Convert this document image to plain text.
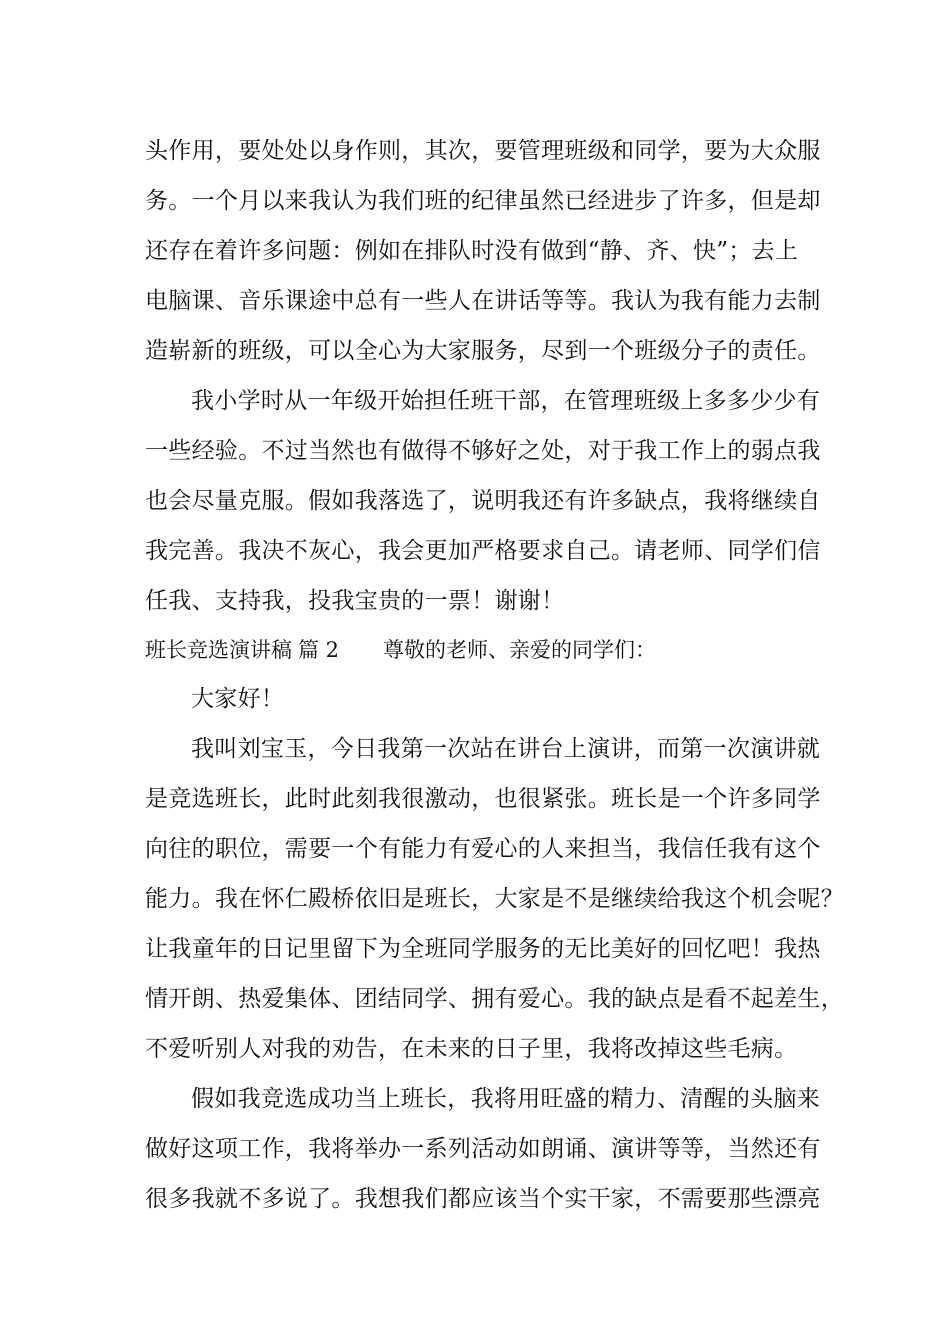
头作用，要处处以身作则，其次，要管理班级和同学，要为大众服
务。一个月以来我认为我们班的纪律虽然已经进步了许多，但是却
还存在着许多问题：例如在排队时没有做到“静、齐、快”；去上
电脑课、音乐课途中总有一些人在讲话等等。我认为我有能力去制
造崭新的班级，可以全心为大家服务，尽到一个班级分子的责任。
我小学时从一年级开始担任班干部，在管理班级上多多少少有
一些经验。不过当然也有做得不够好之处，对于我工作上的弱点我
也会尽量克服。假如我落选了，说明我还有许多缺点，我将继续自
我完善。我决不灰心，我会更加严格要求自己。请老师、同学们信
任我、支持我，投我宝贵的一票！谢谢！
班长竞选演讲稿 篇 2 尊敬的老师、亲爱的同学们：
大家好！
我叫刘宝玉，今日我第一次站在讲台上演讲，而第一次演讲就
是竞选班长，此时此刻我很激动，也很紧张。班长是一个许多同学
向往的职位，需要一个有能力有爱心的人来担当，我信任我有这个
能力。我在怀仁殿桥依旧是班长，大家是不是继续给我这个机会呢？
让我童年的日记里留下为全班同学服务的无比美好的回忆吧！我热
情开朗、热爱集体、团结同学、拥有爱心。我的缺点是看不起差生，
不爱听别人对我的劝告，在未来的日子里，我将改掉这些毛病。
假如我竞选成功当上班长，我将用旺盛的精力、清醒的头脑来
做好这项工作，我将举办一系列活动如朗诵、演讲等等，当然还有
很多我就不多说了。我想我们都应该当个实干家，不需要那些漂亮
